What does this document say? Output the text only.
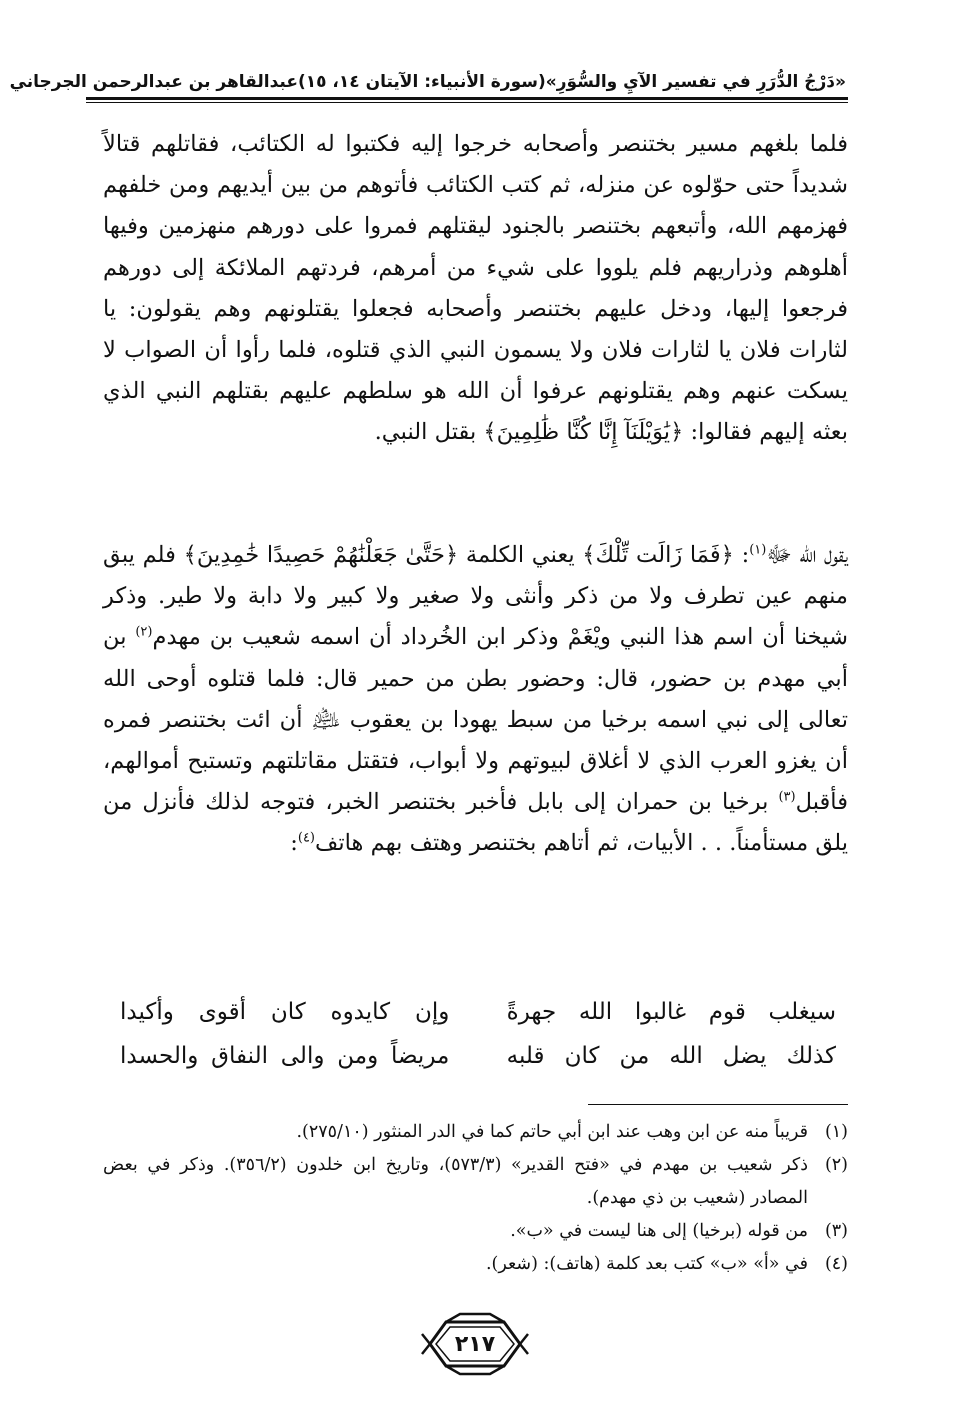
«دَرْجُ الدُّرَرِ في تفسير الآيِ والسُّوَرِ»
(سورة الأنبياء: الآيتان ١٤، ١٥)
عبدالقاهر بن عبدالرحمن الجرجاني

فلما بلغهم مسير بختنصر وأصحابه خرجوا إليه فكتبوا له الكتائب، فقاتلهم قتالاً شديداً حتى حوّلوه عن منزله، ثم كتب الكتائب فأتوهم من بين أيديهم ومن خلفهم فهزمهم الله، وأتبعهم بختنصر بالجنود ليقتلهم فمروا على دورهم منهزمين وفيها أهلوهم وذراريهم فلم يلووا على شيء من أمرهم، فردتهم الملائكة إلى دورهم فرجعوا إليها، ودخل عليهم بختنصر وأصحابه فجعلوا يقتلونهم وهم يقولون: يا لثارات فلان يا لثارات فلان ولا يسمون النبي الذي قتلوه، فلما رأوا أن الصواب لا يسكت عنهم وهم يقتلونهم عرفوا أن الله هو سلطهم عليهم بقتلهم النبي الذي بعثه إليهم فقالوا: ﴿يَٰوَيْلَنَآ إِنَّا كُنَّا ظَٰلِمِينَ﴾ بقتل النبي.

يقول الله ﷻ$^{(١)}$: ﴿فَمَا زَالَت تِّلْكَ﴾ يعني الكلمة ﴿حَتَّىٰ جَعَلْنَٰهُمْ حَصِيدًا خَٰمِدِينَ﴾ فلم يبق منهم عين تطرف ولا من ذكر وأنثى ولا صغير ولا كبير ولا دابة ولا طير. وذكر شيخنا أن اسم هذا النبي ويْغَمْ وذكر ابن الخُرداد أن اسمه شعيب بن مهدم$^{(٢)}$ بن أبي مهدم بن حضور، قال: وحضور بطن من حمير قال: فلما قتلوه أوحى الله تعالى إلى نبي اسمه برخيا من سبط يهودا بن يعقوب ﵇ أن ائت بختنصر فمره أن يغزو العرب الذي لا أغلاق لبيوتهم ولا أبواب، فتقتل مقاتلتهم وتستبح أموالهم، فأقبل$^{(٣)}$ برخيا بن حمران إلى بابل فأخبر بختنصر الخبر، فتوجه لذلك فأنزل من يلق مستأمناً. . . الأبيات، ثم أتاهم بختنصر وهتف بهم هاتف$^{(٤)}$:

سيغلب قوم غالبوا الله جهرةً
وإن كايدوه كان أقوى وأكيدا
كذلك يضل الله من كان قلبه
مريضاً ومن والى النفاق والحسدا
(١)
قريباً منه عن ابن وهب عند ابن أبي حاتم كما في الدر المنثور (٢٧٥/١٠).
(٢)
ذكر شعيب بن مهدم في «فتح القدير» (٥٧٣/٣)، وتاريخ ابن خلدون (٣٥٦/٢). وذكر في بعض المصادر (شعيب بن ذي مهدم).
(٣)
من قوله (برخيا) إلى هنا ليست في «ب».
(٤)
في «أ» «ب» كتب بعد كلمة (هاتف): (شعر).
٢١٧
